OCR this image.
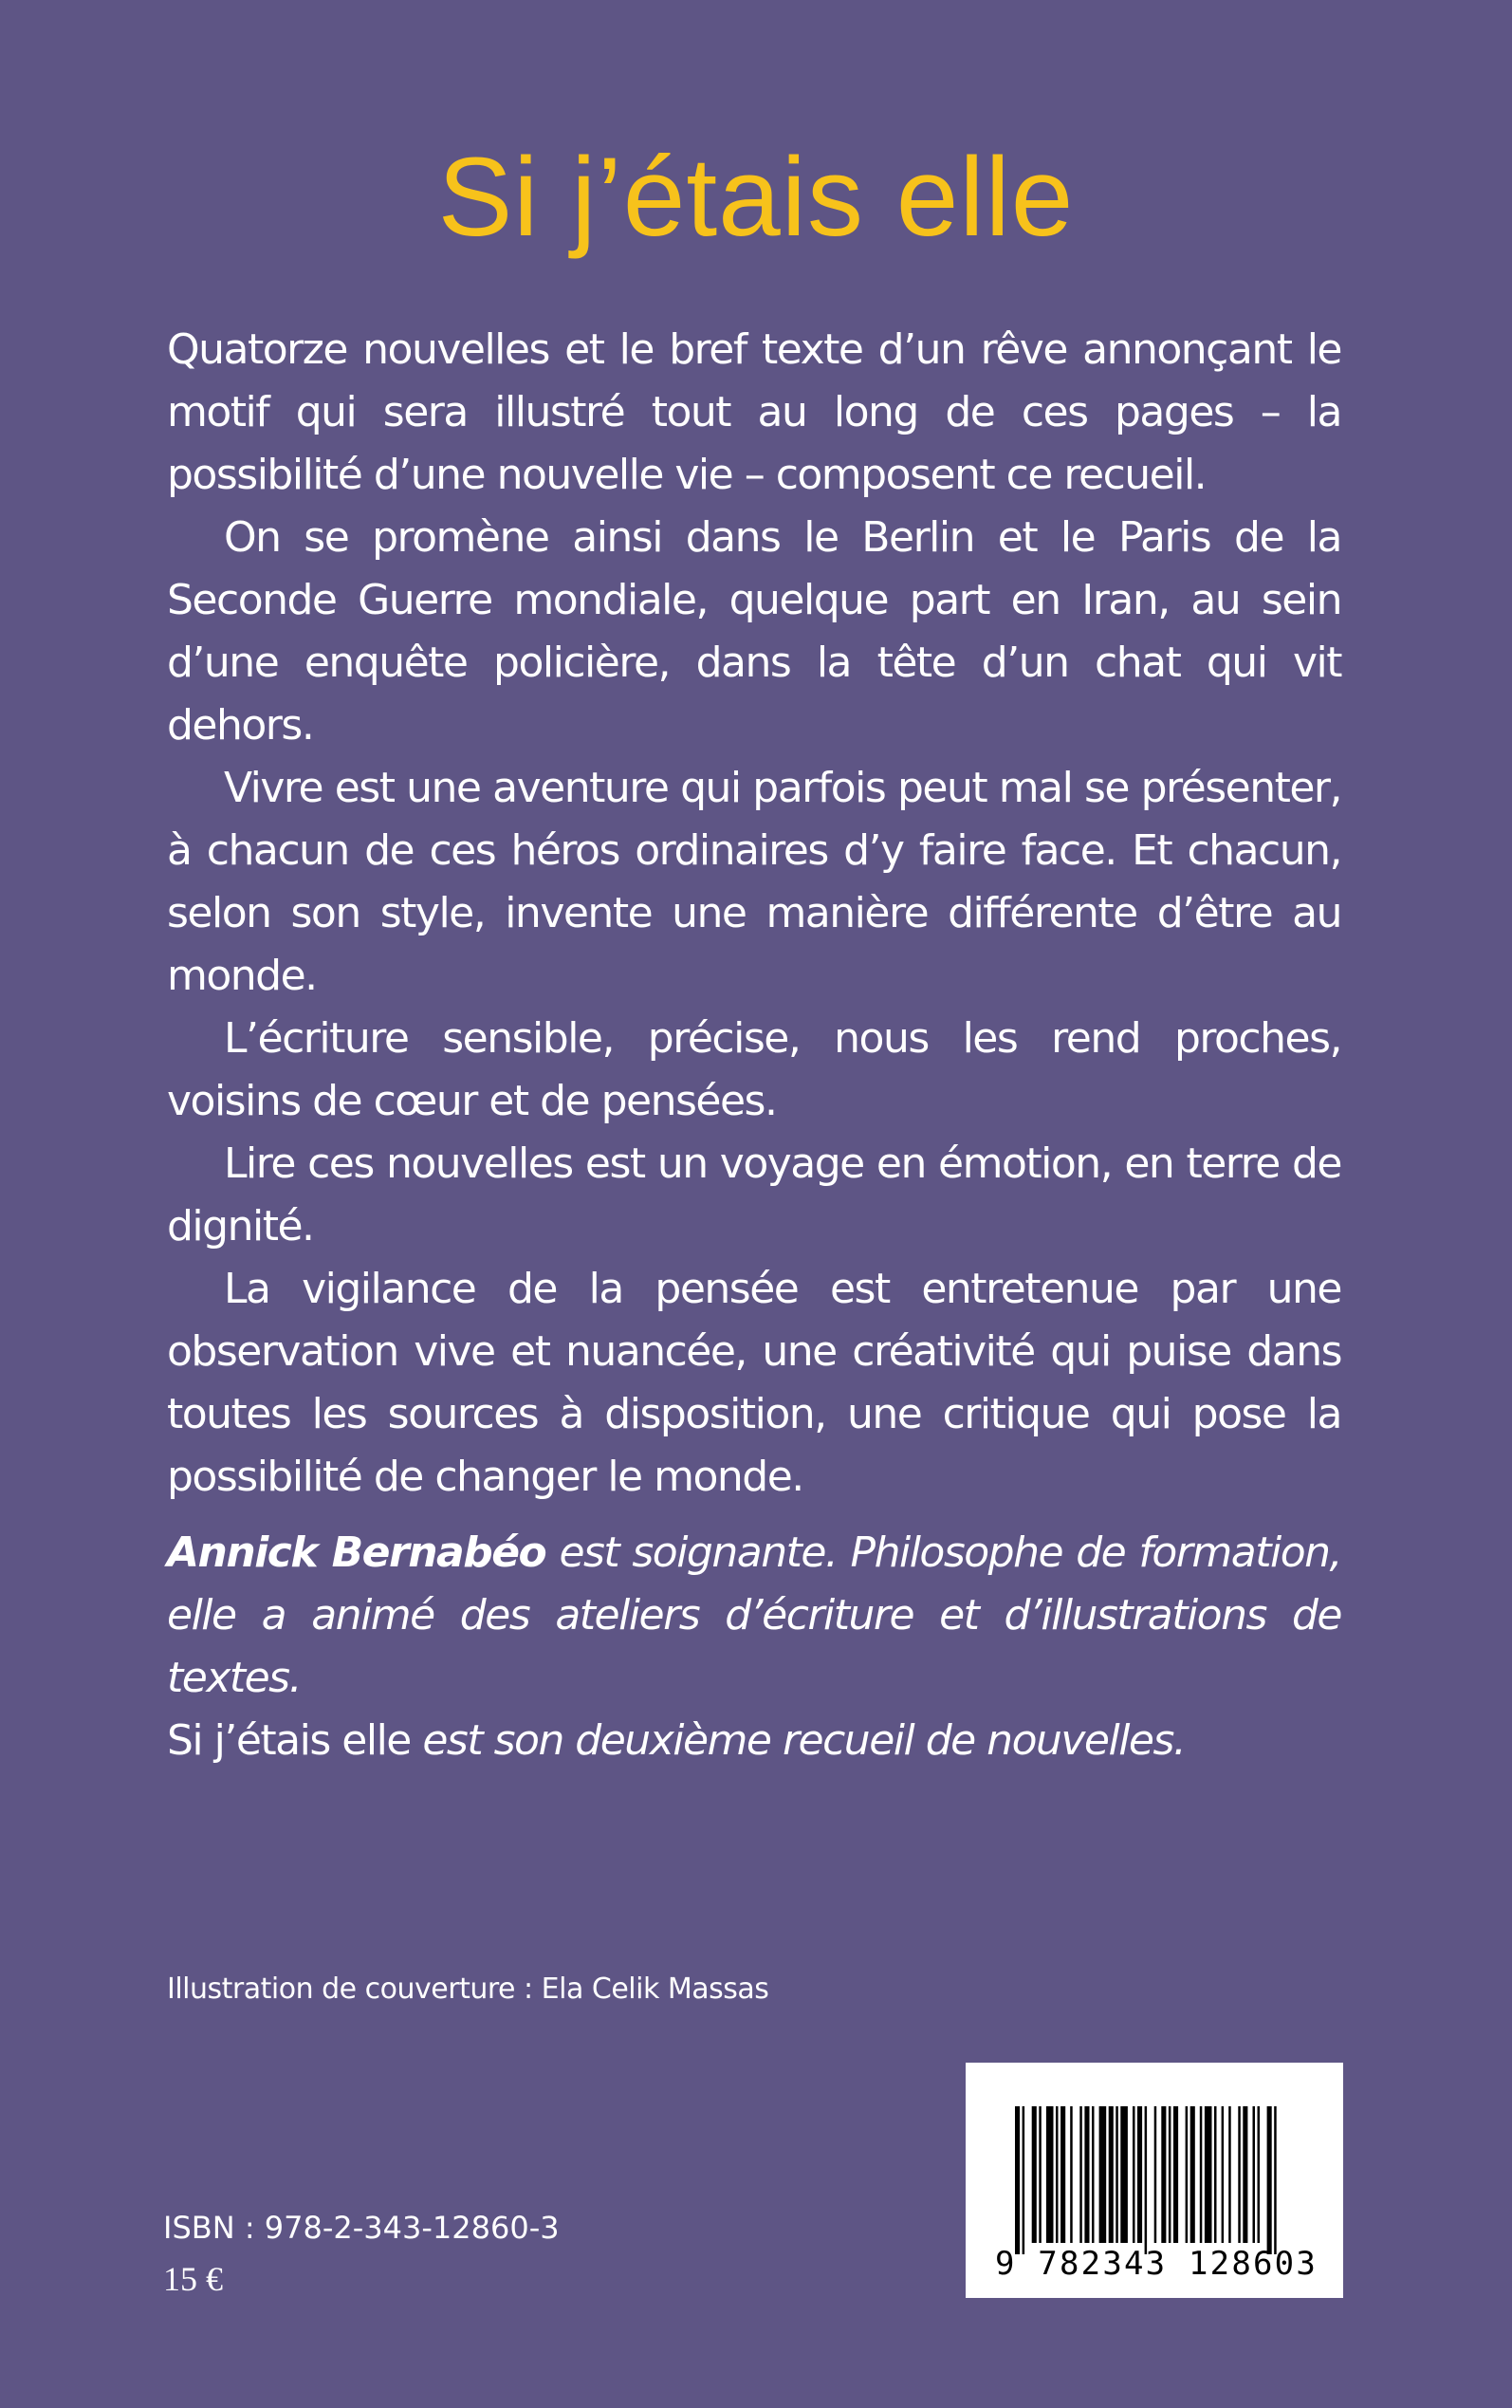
Si j’étais elle

Quatorze nouvelles et le bref texte d’un rêve annonçant le motif qui sera illustré tout au long de ces pages – la possibilité d’une nouvelle vie – composent ce recueil.

On se promène ainsi dans le Berlin et le Paris de la Seconde Guerre mondiale, quelque part en Iran, au sein d’une enquête policière, dans la tête d’un chat qui vit dehors.

Vivre est une aventure qui parfois peut mal se présenter, à chacun de ces héros ordinaires d’y faire face. Et chacun, selon son style, invente une manière différente d’être au monde.

L’écriture sensible, précise, nous les rend proches, voisins de cœur et de pensées.

Lire ces nouvelles est un voyage en émotion, en terre de dignité.

La vigilance de la pensée est entretenue par une observation vive et nuancée, une créativité qui puise dans toutes les sources à disposition, une critique qui pose la possibilité de changer le monde.

Annick Bernabéo est soignante. Philosophe de formation, elle a animé des ateliers d’écriture et d’illustrations de textes.
Si j’étais elle est son deuxième recueil de nouvelles.
Illustration de couverture : Ela Celik Massas
9 782343 128603
ISBN : 978-2-343-12860-3
15 €
